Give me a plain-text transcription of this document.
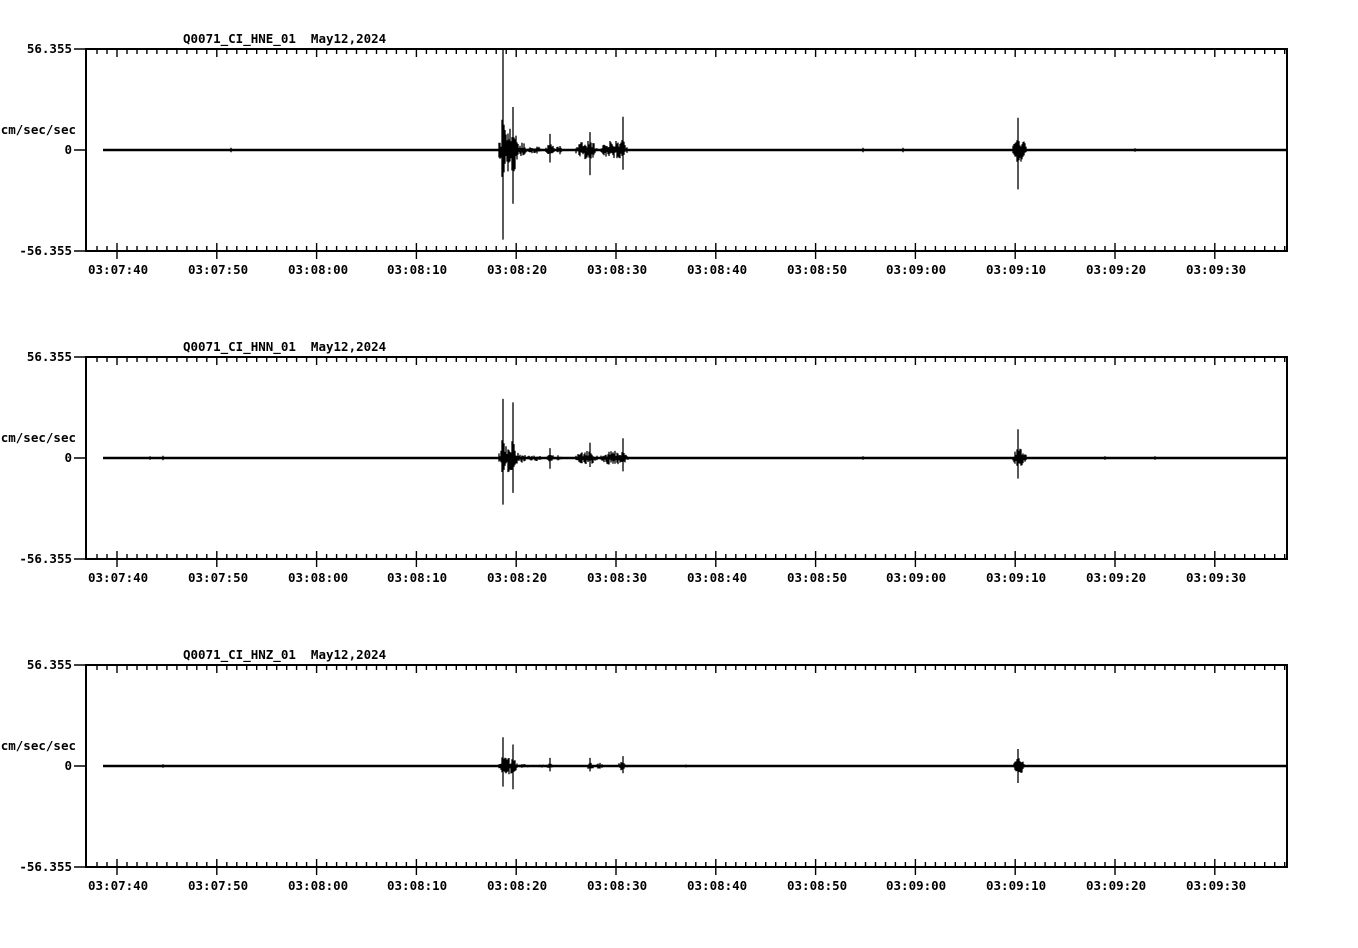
Q0071_CI_HNE_01  May12,2024
56.355
cm/sec/sec
0
-56.355
03:07:40	03:07:50	03:08:00	03:08:10	03:08:20	03:08:30	03:08:40	03:08:50	03:09:00	03:09:10	03:09:20	03:09:30
Q0071_CI_HNN_01  May12,2024
56.355
cm/sec/sec
0
-56.355
03:07:40	03:07:50	03:08:00	03:08:10	03:08:20	03:08:30	03:08:40	03:08:50	03:09:00	03:09:10	03:09:20	03:09:30
Q0071_CI_HNZ_01  May12,2024
56.355
cm/sec/sec
0
-56.355
03:07:40	03:07:50	03:08:00	03:08:10	03:08:20	03:08:30	03:08:40	03:08:50	03:09:00	03:09:10	03:09:20	03:09:30
